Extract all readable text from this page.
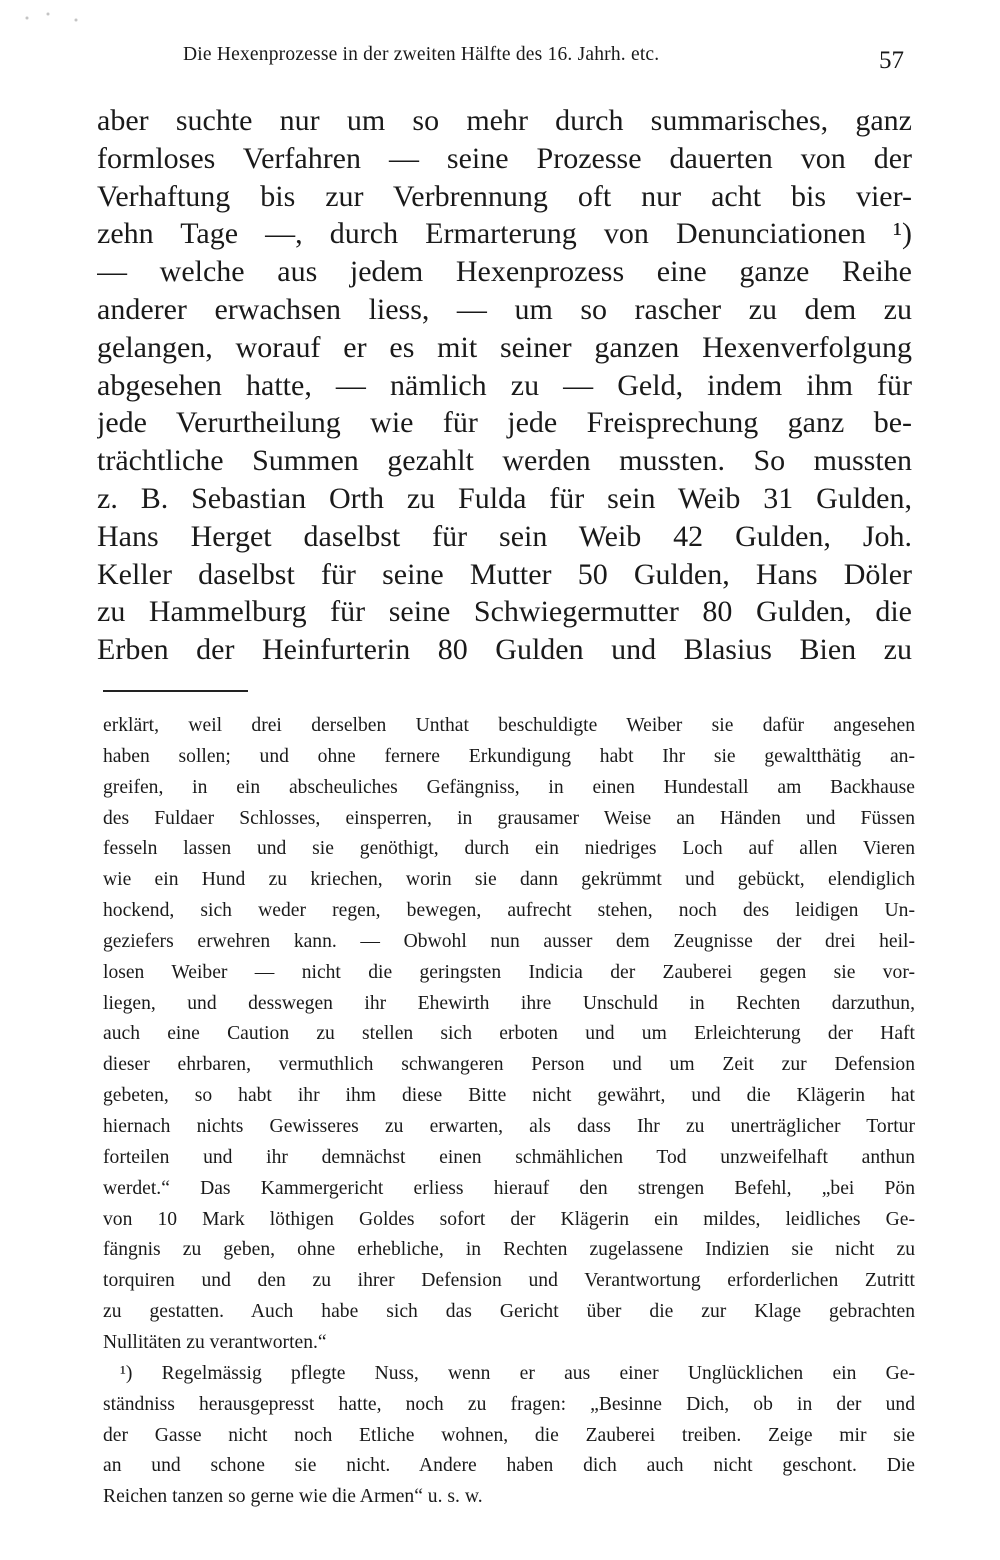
Die Hexenprozesse in der zweiten Hälfte des 16. Jahrh. etc.	57
aber suchte nur um so mehr durch summarisches, ganz
formloses Verfahren — seine Prozesse dauerten von der
Verhaftung bis zur Verbrennung oft nur acht bis vier-
zehn Tage —, durch Ermarterung von Denunciationen ¹)
— welche aus jedem Hexenprozess eine ganze Reihe
anderer erwachsen liess, — um so rascher zu dem zu
gelangen, worauf er es mit seiner ganzen Hexenverfolgung
abgesehen hatte, — nämlich zu — Geld, indem ihm für
jede Verurtheilung wie für jede Freisprechung ganz be-
trächtliche Summen gezahlt werden mussten. So mussten
z. B. Sebastian Orth zu Fulda für sein Weib 31 Gulden,
Hans Herget daselbst für sein Weib 42 Gulden, Joh.
Keller daselbst für seine Mutter 50 Gulden, Hans Döler
zu Hammelburg für seine Schwiegermutter 80 Gulden, die
Erben der Heinfurterin 80 Gulden und Blasius Bien zu
erklärt, weil drei derselben Unthat beschuldigte Weiber sie dafür angesehen
haben sollen; und ohne fernere Erkundigung habt Ihr sie gewaltthätig an-
greifen, in ein abscheuliches Gefängniss, in einen Hundestall am Backhause
des Fuldaer Schlosses, einsperren, in grausamer Weise an Händen und Füssen
fesseln lassen und sie genöthigt, durch ein niedriges Loch auf allen Vieren
wie ein Hund zu kriechen, worin sie dann gekrümmt und gebückt, elendiglich
hockend, sich weder regen, bewegen, aufrecht stehen, noch des leidigen Un-
geziefers erwehren kann. — Obwohl nun ausser dem Zeugnisse der drei heil-
losen Weiber — nicht die geringsten Indicia der Zauberei gegen sie vor-
liegen, und desswegen ihr Ehewirth ihre Unschuld in Rechten darzuthun,
auch eine Caution zu stellen sich erboten und um Erleichterung der Haft
dieser ehrbaren, vermuthlich schwangeren Person und um Zeit zur Defension
gebeten, so habt ihr ihm diese Bitte nicht gewährt, und die Klägerin hat
hiernach nichts Gewisseres zu erwarten, als dass Ihr zu unerträglicher Tortur
forteilen und ihr demnächst einen schmählichen Tod unzweifelhaft anthun
werdet.“ Das Kammergericht erliess hierauf den strengen Befehl, „bei Pön
von 10 Mark löthigen Goldes sofort der Klägerin ein mildes, leidliches Ge-
fängnis zu geben, ohne erhebliche, in Rechten zugelassene Indizien sie nicht zu
torquiren und den zu ihrer Defension und Verantwortung erforderlichen Zutritt
zu gestatten. Auch habe sich das Gericht über die zur Klage gebrachten
Nullitäten zu verantworten.“
¹) Regelmässig pflegte Nuss, wenn er aus einer Unglücklichen ein Ge-
ständniss herausgepresst hatte, noch zu fragen: „Besinne Dich, ob in der und
der Gasse nicht noch Etliche wohnen, die Zauberei treiben. Zeige mir sie
an und schone sie nicht. Andere haben dich auch nicht geschont. Die
Reichen tanzen so gerne wie die Armen“ u. s. w.
